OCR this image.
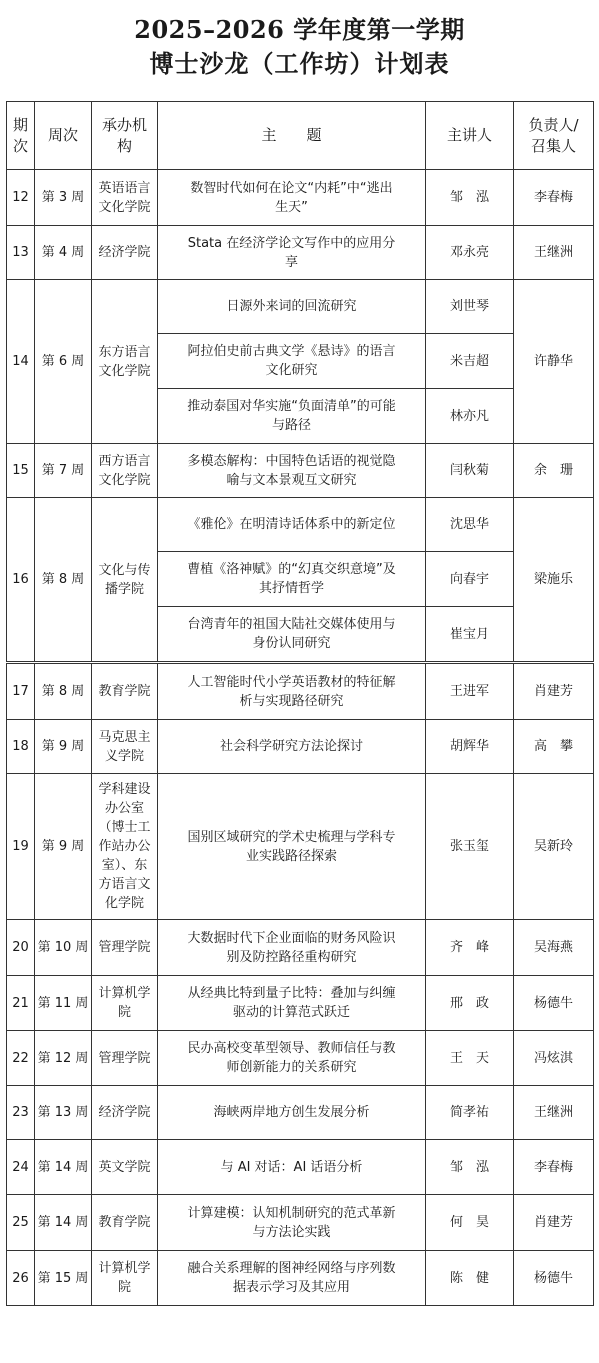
2025–2026 学年度第一学期
博士沙龙（工作坊）计划表
期次	周次	承办机构	主　　题	主讲人	负责人/召集人
12	第 3 周	英语语言文化学院	数智时代如何在论文“内耗”中“逃出生天”	邹　泓	李春梅
13	第 4 周	经济学院	Stata 在经济学论文写作中的应用分享	邓永亮	王继洲
14	第 6 周	东方语言文化学院	日源外来词的回流研究	刘世琴	许静华
			阿拉伯史前古典文学《悬诗》的语言文化研究	米吉超	
			推动泰国对华实施“负面清单”的可能与路径	林亦凡	
15	第 7 周	西方语言文化学院	多模态解构：中国特色话语的视觉隐喻与文本景观互文研究	闫秋菊	余　珊
16	第 8 周	文化与传播学院	《雅伦》在明清诗话体系中的新定位	沈思华	梁施乐
			曹植《洛神赋》的“幻真交织意境”及其抒情哲学	向春宇	
			台湾青年的祖国大陆社交媒体使用与身份认同研究	崔宝月	

17	第 8 周	教育学院	人工智能时代小学英语教材的特征解析与实现路径研究	王进军	肖建芳
18	第 9 周	马克思主义学院	社会科学研究方法论探讨	胡辉华	高　攀
19	第 9 周	学科建设办公室（博士工作站办公室）、东方语言文化学院	国别区域研究的学术史梳理与学科专业实践路径探索	张玉玺	吴新玲
20	第 10 周	管理学院	大数据时代下企业面临的财务风险识别及防控路径重构研究	齐　峰	吴海燕
21	第 11 周	计算机学院	从经典比特到量子比特：叠加与纠缠驱动的计算范式跃迁	邢　政	杨德牛
22	第 12 周	管理学院	民办高校变革型领导、教师信任与教师创新能力的关系研究	王　天	冯炫淇
23	第 13 周	经济学院	海峡两岸地方创生发展分析	简孝祐	王继洲
24	第 14 周	英文学院	与 AI 对话：AI 话语分析	邹　泓	李春梅
25	第 14 周	教育学院	计算建模：认知机制研究的范式革新与方法论实践	何　昊	肖建芳
26	第 15 周	计算机学院	融合关系理解的图神经网络与序列数据表示学习及其应用	陈　健	杨德牛
